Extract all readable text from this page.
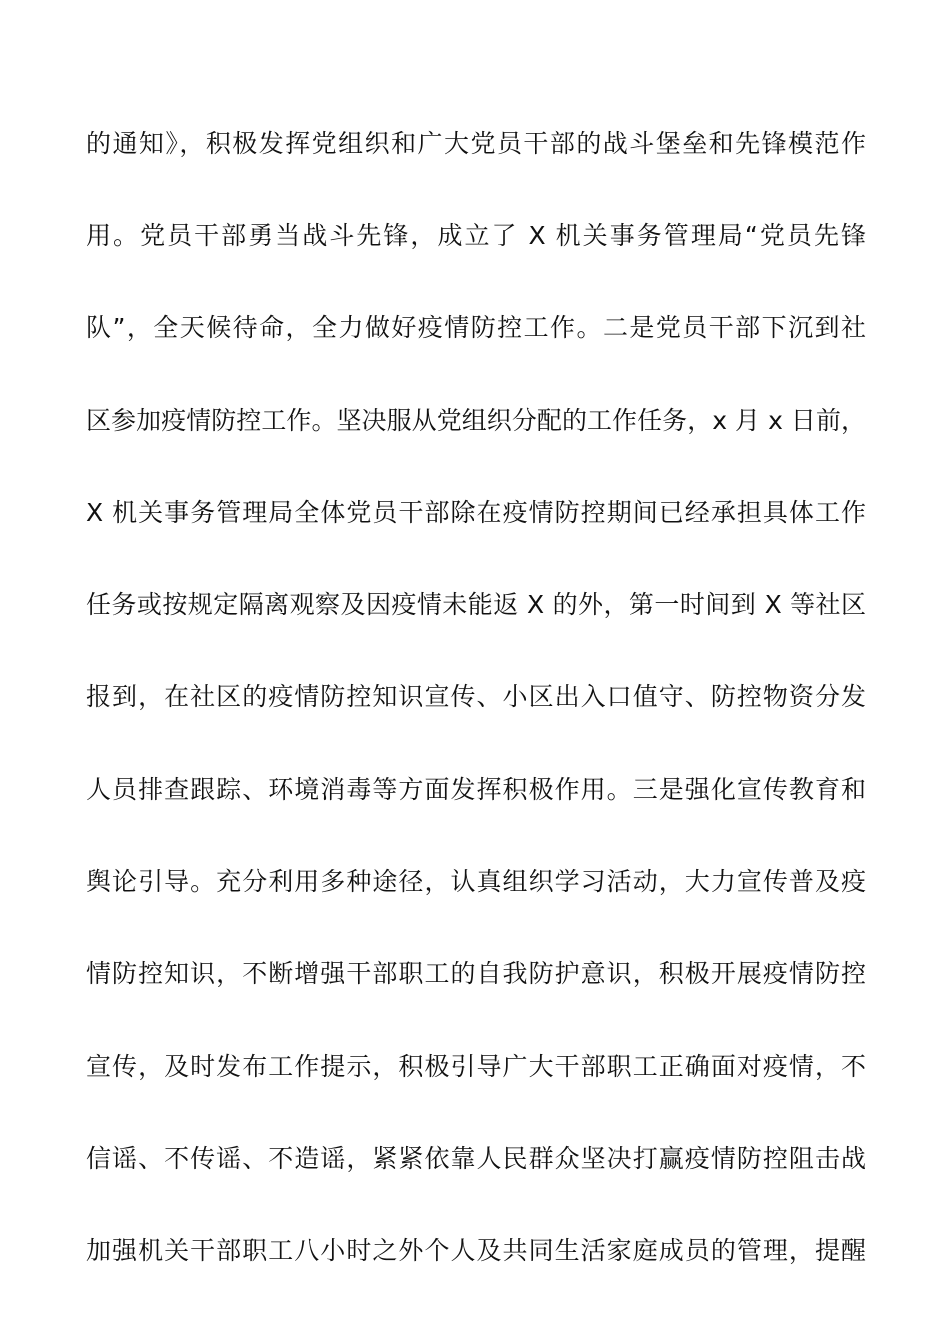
的通知》，积极发挥党组织和广大党员干部的战斗堡垒和先锋模范作
用。党员干部勇当战斗先锋，成立了 X 机关事务管理局“党员先锋
队”，全天候待命，全力做好疫情防控工作。二是党员干部下沉到社
区参加疫情防控工作。坚决服从党组织分配的工作任务，x 月 x 日前，
X 机关事务管理局全体党员干部除在疫情防控期间已经承担具体工作
任务或按规定隔离观察及因疫情未能返 X 的外，第一时间到 X 等社区
报到，在社区的疫情防控知识宣传、小区出入口值守、防控物资分发
人员排查跟踪、环境消毒等方面发挥积极作用。三是强化宣传教育和
舆论引导。充分利用多种途径，认真组织学习活动，大力宣传普及疫
情防控知识，不断增强干部职工的自我防护意识，积极开展疫情防控
宣传，及时发布工作提示，积极引导广大干部职工正确面对疫情，不
信谣、不传谣、不造谣，紧紧依靠人民群众坚决打赢疫情防控阻击战
加强机关干部职工八小时之外个人及共同生活家庭成员的管理，提醒
